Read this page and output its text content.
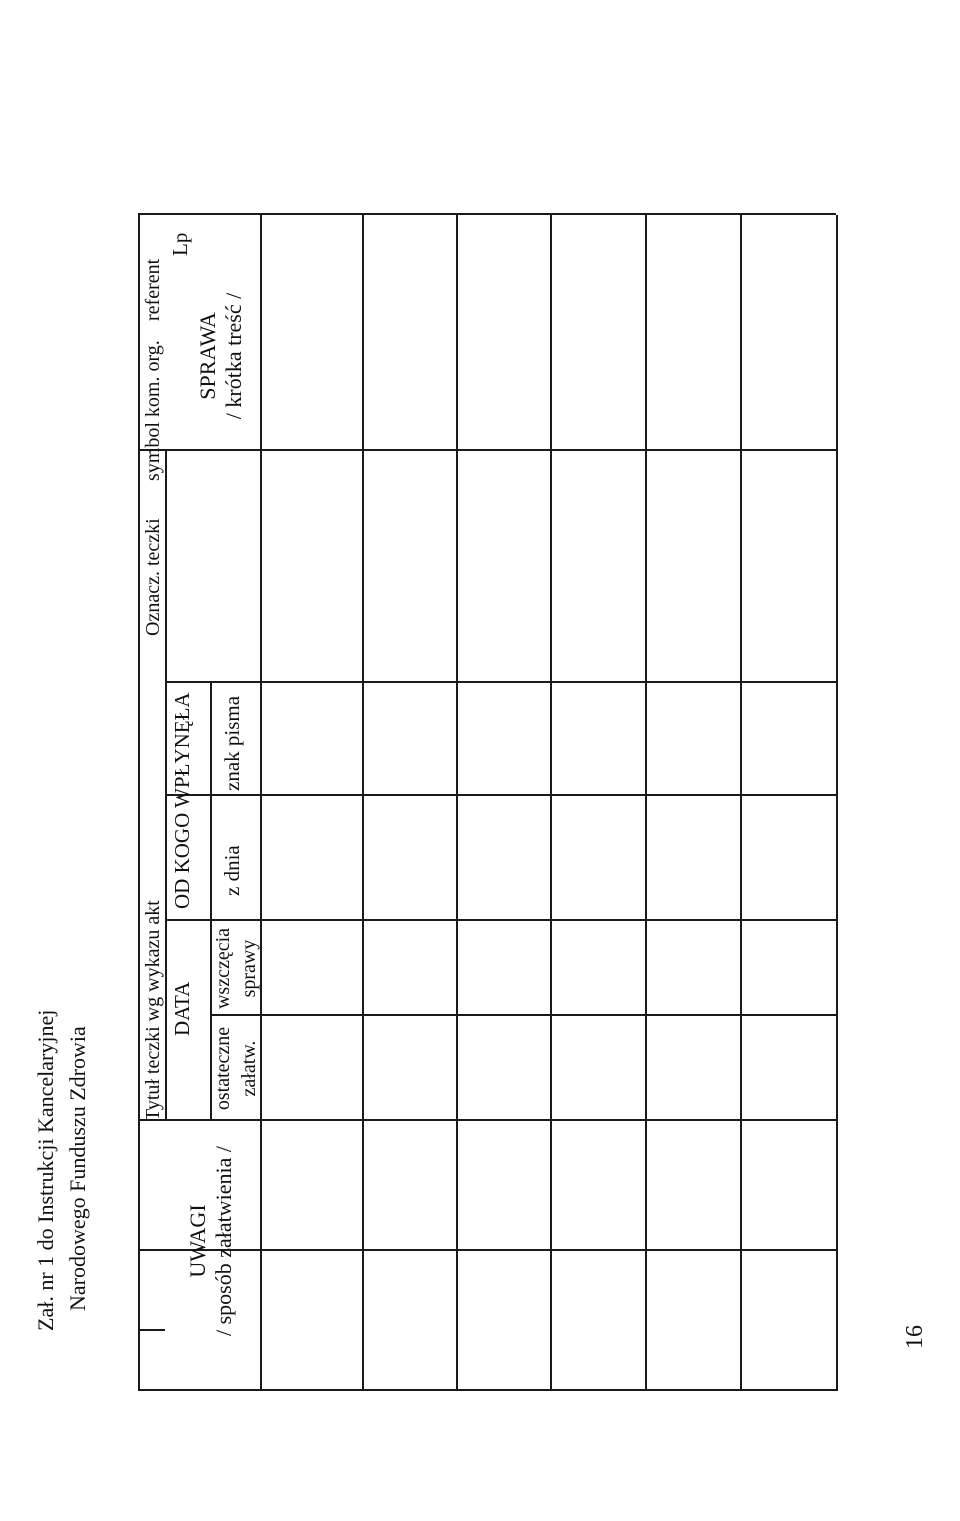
Zał. nr 1 do Instrukcji Kancelaryjnej Narodowego Funduszu Zdrowia
Lp
referent
symbol kom. org.
Oznacz. teczki
Tytuł teczki wg wykazu akt
SPRAWA / krótka treść /
OD KOGO WPŁYNĘŁA znak pisma
z dnia
DATA wszczęcia sprawy
ostateczne załatw.
UWAGI / sposób załatwienia /
16
